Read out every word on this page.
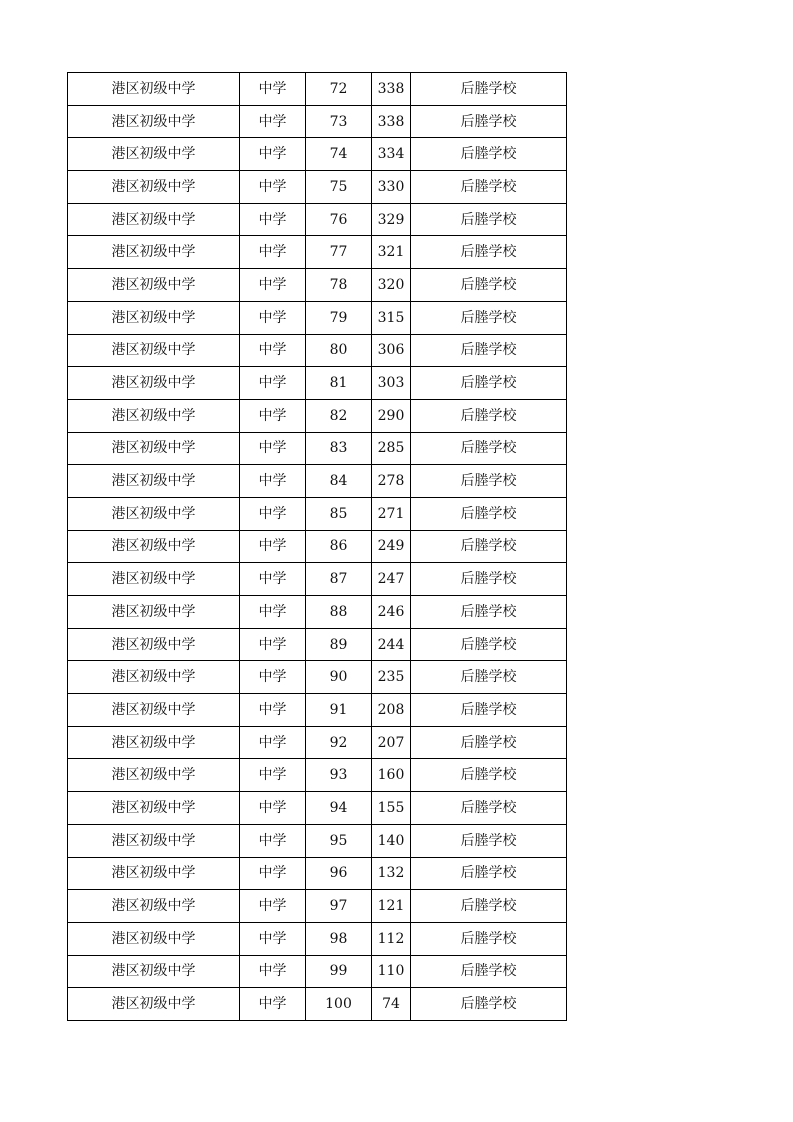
港区初级中学	中学	72	338	后塍学校
港区初级中学	中学	73	338	后塍学校
港区初级中学	中学	74	334	后塍学校
港区初级中学	中学	75	330	后塍学校
港区初级中学	中学	76	329	后塍学校
港区初级中学	中学	77	321	后塍学校
港区初级中学	中学	78	320	后塍学校
港区初级中学	中学	79	315	后塍学校
港区初级中学	中学	80	306	后塍学校
港区初级中学	中学	81	303	后塍学校
港区初级中学	中学	82	290	后塍学校
港区初级中学	中学	83	285	后塍学校
港区初级中学	中学	84	278	后塍学校
港区初级中学	中学	85	271	后塍学校
港区初级中学	中学	86	249	后塍学校
港区初级中学	中学	87	247	后塍学校
港区初级中学	中学	88	246	后塍学校
港区初级中学	中学	89	244	后塍学校
港区初级中学	中学	90	235	后塍学校
港区初级中学	中学	91	208	后塍学校
港区初级中学	中学	92	207	后塍学校
港区初级中学	中学	93	160	后塍学校
港区初级中学	中学	94	155	后塍学校
港区初级中学	中学	95	140	后塍学校
港区初级中学	中学	96	132	后塍学校
港区初级中学	中学	97	121	后塍学校
港区初级中学	中学	98	112	后塍学校
港区初级中学	中学	99	110	后塍学校
港区初级中学	中学	100	74	后塍学校
